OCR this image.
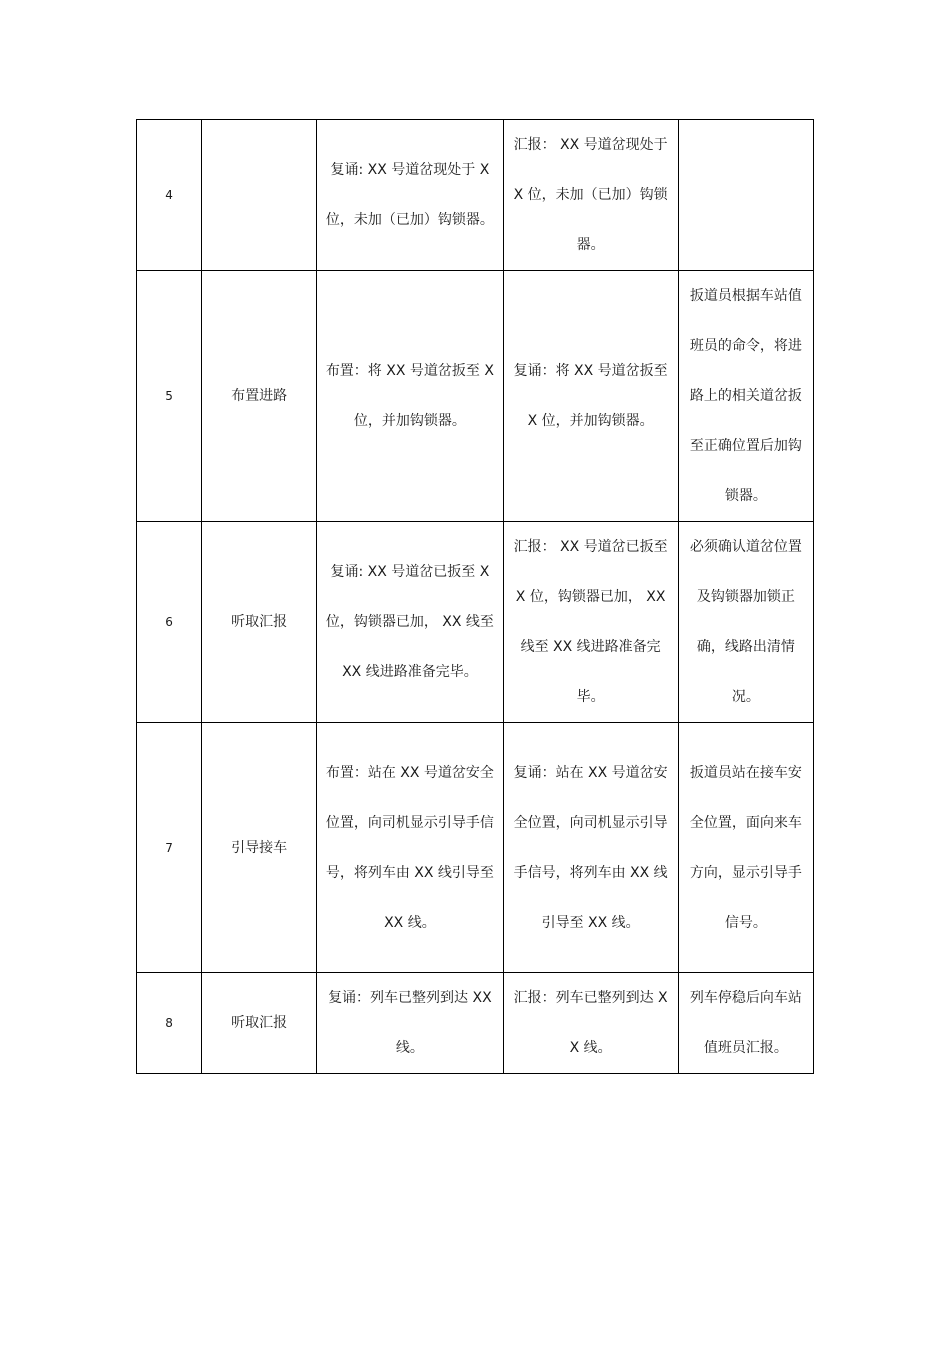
4		复诵: XX 号道岔现处于 X 位，未加（已加）钩锁器。	汇报： XX 号道岔现处于 X 位，未加（已加）钩锁器。	
5	布置进路	布置：将 XX 号道岔扳至 X 位，并加钩锁器。	复诵：将 XX 号道岔扳至 X 位，并加钩锁器。	扳道员根据车站值班员的命令，将进路上的相关道岔扳至正确位置后加钩锁器。
6	听取汇报	复诵: XX 号道岔已扳至 X 位，钩锁器已加， XX 线至 XX 线进路准备完毕。	汇报： XX 号道岔已扳至 X 位，钩锁器已加， XX 线至 XX 线进路准备完毕。	必须确认道岔位置及钩锁器加锁正确，线路出清情况。
7	引导接车	布置：站在 XX 号道岔安全位置，向司机显示引导手信号，将列车由 XX 线引导至 XX 线。	复诵：站在 XX 号道岔安全位置，向司机显示引导手信号，将列车由 XX 线引导至 XX 线。	扳道员站在接车安全位置，面向来车方向，显示引导手信号。
8	听取汇报	复诵：列车已整列到达 XX 线。	汇报：列车已整列到达 XX 线。	列车停稳后向车站值班员汇报。
